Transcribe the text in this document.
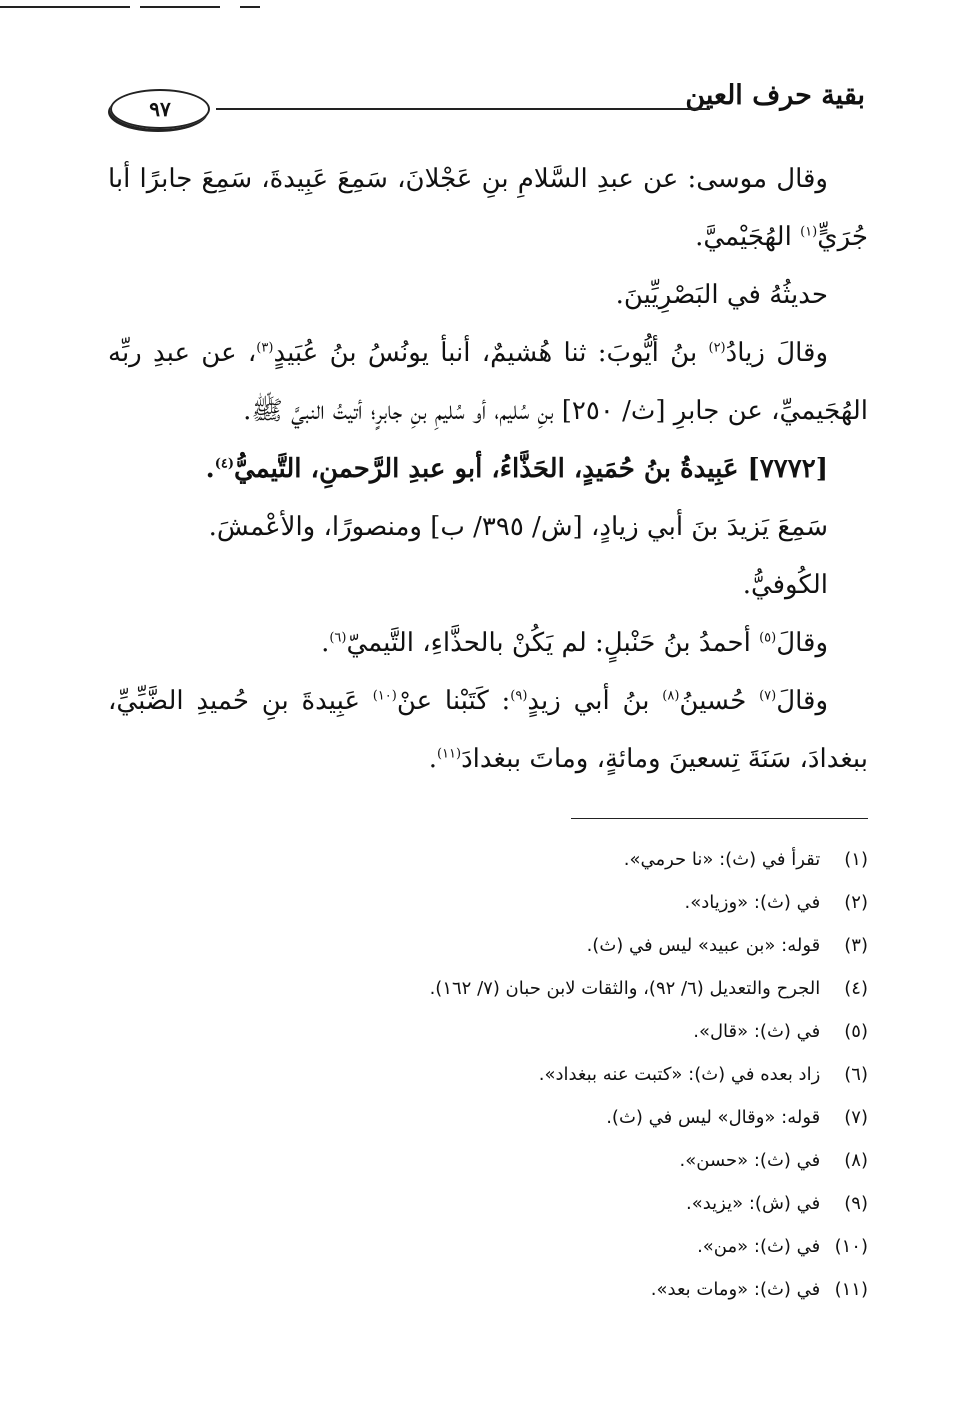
بقية حرف العين
٩٧

وقال موسى: عن عبدِ السَّلامِ بنِ عَجْلانَ، سَمِعَ عَبِيدةَ، سَمِعَ جابرًا أبا جُرَيٍّ$^{(١)}$ الهُجَيْميَّ.

حديثُهُ في البَصْرِيِّينَ.

وقالَ زيادُ$^{(٢)}$ بنُ أيُّوبَ: ثنا هُشيمٌ، أنبأ يونُسُ بنُ عُبَيدٍ$^{(٣)}$، عن عبدِ ربِّه الهُجَيميِّ، عن جابرِ [ث/ ٢٥٠] بنِ سُليم، أو سُليمِ بنِ جابرٍ؛ أتيتُ النبيَّ ﷺ.

[٧٧٧٢] عَبِيدةُ بنُ حُمَيدٍ، الحَذَّاءُ، أبو عبدِ الرَّحمنِ، التَّيميُّ$^{(٤)}$.

سَمِعَ يَزيدَ بنَ أبي زيادٍ، [ش/ ٣٩٥/ ب] ومنصورًا، والأعْمشَ.

الكُوفيُّ.

وقالَ$^{(٥)}$ أحمدُ بنُ حَنْبلٍ: لم يَكُنْ بالحذَّاءِ، التَّيميّ$^{(٦)}$.

وقالَ$^{(٧)}$ حُسينُ$^{(٨)}$ بنُ أبي زيدٍ$^{(٩)}$: كَتَبْنا عنْ$^{(١٠)}$ عَبِيدةَ بنِ حُميدِ الضَّبِّيِّ، ببغدادَ، سَنَةَ تِسعينَ ومائةٍ، وماتَ ببغدادَ$^{(١١)}$.

(١) تقرأ في (ث): «نا حرمي».
(٢) في (ث): «وزياد».
(٣) قوله: «بن عبيد» ليس في (ث).
(٤) الجرح والتعديل (٦/ ٩٢)، والثقات لابن حبان (٧/ ١٦٢).
(٥) في (ث): «قال».
(٦) زاد بعده في (ث): «كتبت عنه ببغداد».
(٧) قوله: «وقال» ليس في (ث).
(٨) في (ث): «حسن».
(٩) في (ش): «يزيد».
(١٠) في (ث): «من».
(١١) في (ث): «ومات بعد».
